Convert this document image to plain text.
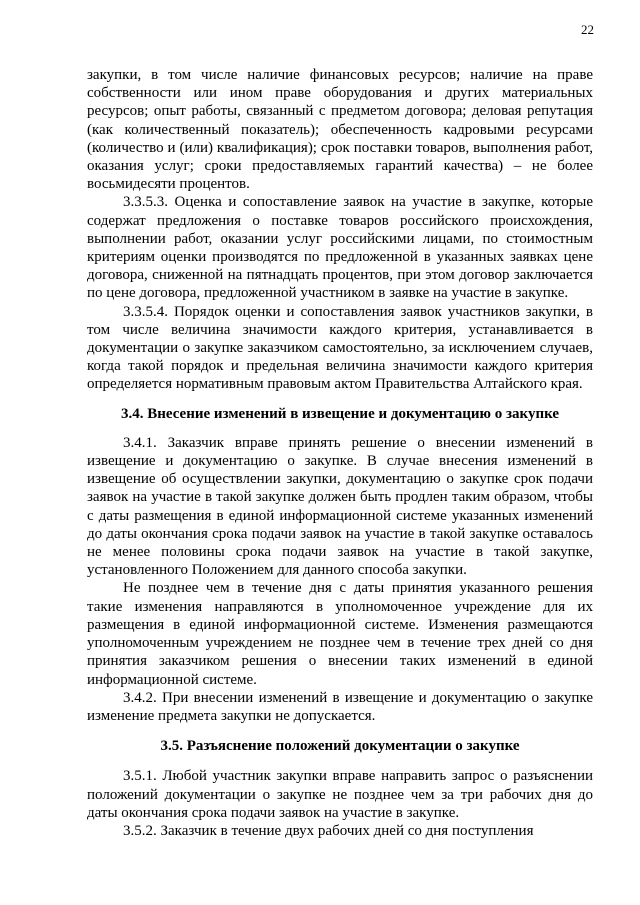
22

закупки, в том числе наличие финансовых ресурсов; наличие на праве собственности или ином праве оборудования и других материальных ресурсов; опыт работы, связанный с предметом договора; деловая репутация (как количественный показатель); обеспеченность кадровыми ресурсами (количество и (или) квалификация); срок поставки товаров, выполнения работ, оказания услуг; сроки предоставляемых гарантий качества) – не более восьмидесяти процентов.

3.3.5.3. Оценка и сопоставление заявок на участие в закупке, которые содержат предложения о поставке товаров российского происхождения, выполнении работ, оказании услуг российскими лицами, по стоимостным критериям оценки производятся по предложенной в указанных заявках цене договора, сниженной на пятнадцать процентов, при этом договор заключается по цене договора, предложенной участником в заявке на участие в закупке.

3.3.5.4. Порядок оценки и сопоставления заявок участников закупки, в том числе величина значимости каждого критерия, устанавливается в документации о закупке заказчиком самостоятельно, за исключением случаев, когда такой порядок и предельная величина значимости каждого критерия определяется нормативным правовым актом Правительства Алтайского края.

3.4. Внесение изменений в извещение и документацию о закупке

3.4.1. Заказчик вправе принять решение о внесении изменений в извещение и документацию о закупке. В случае внесения изменений в извещение об осуществлении закупки, документацию о закупке срок подачи заявок на участие в такой закупке должен быть продлен таким образом, чтобы с даты размещения в единой информационной системе указанных изменений до даты окончания срока подачи заявок на участие в такой закупке оставалось не менее половины срока подачи заявок на участие в такой закупке, установленного Положением для данного способа закупки.

Не позднее чем в течение дня с даты принятия указанного решения такие изменения направляются в уполномоченное учреждение для их размещения в единой информационной системе. Изменения размещаются уполномоченным учреждением не позднее чем в течение трех дней со дня принятия заказчиком решения о внесении таких изменений в единой информационной системе.

3.4.2. При внесении изменений в извещение и документацию о закупке изменение предмета закупки не допускается.

3.5. Разъяснение положений документации о закупке

3.5.1. Любой участник закупки вправе направить запрос о разъяснении положений документации о закупке не позднее чем за три рабочих дня до даты окончания срока подачи заявок на участие в закупке.

3.5.2. Заказчик в течение двух рабочих дней со дня поступления
